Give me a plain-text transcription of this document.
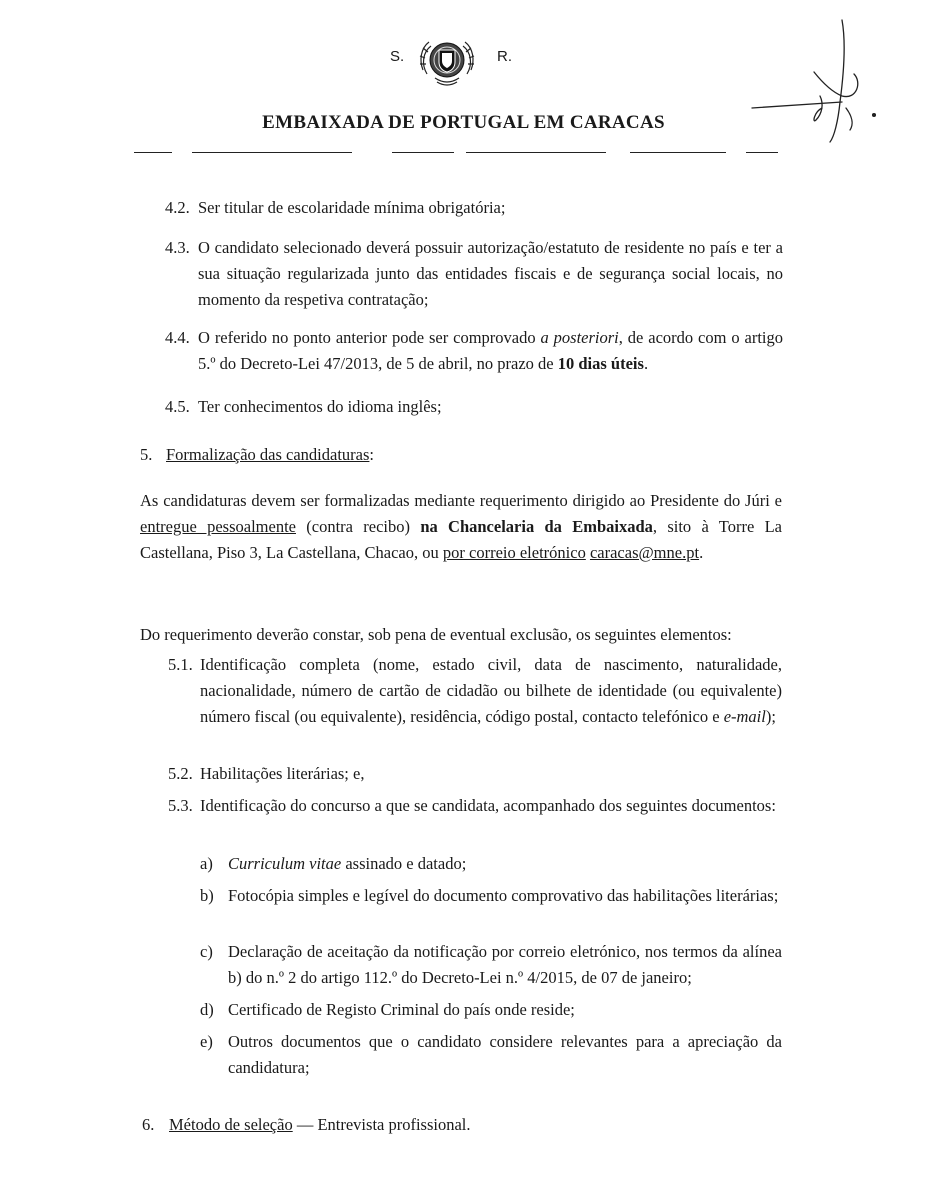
S.	R.
EMBAIXADA DE PORTUGAL EM CARACAS
4.2. Ser titular de escolaridade mínima obrigatória;
4.3. O candidato selecionado deverá possuir autorização/estatuto de residente no país e ter a sua situação regularizada junto das entidades fiscais e de segurança social locais, no momento da respetiva contratação;
4.4. O referido no ponto anterior pode ser comprovado a posteriori, de acordo com o artigo 5.º do Decreto-Lei 47/2013, de 5 de abril, no prazo de 10 dias úteis.
4.5. Ter conhecimentos do idioma inglês;
5. Formalização das candidaturas:
As candidaturas devem ser formalizadas mediante requerimento dirigido ao Presidente do Júri e entregue pessoalmente (contra recibo) na Chancelaria da Embaixada, sito à Torre La Castellana, Piso 3, La Castellana, Chacao, ou por correio eletrónico caracas@mne.pt.
Do requerimento deverão constar, sob pena de eventual exclusão, os seguintes elementos:
5.1. Identificação completa (nome, estado civil, data de nascimento, naturalidade, nacionalidade, número de cartão de cidadão ou bilhete de identidade (ou equivalente) número fiscal (ou equivalente), residência, código postal, contacto telefónico e e-mail);
5.2. Habilitações literárias; e,
5.3. Identificação do concurso a que se candidata, acompanhado dos seguintes documentos:
a) Curriculum vitae assinado e datado;
b) Fotocópia simples e legível do documento comprovativo das habilitações literárias;
c) Declaração de aceitação da notificação por correio eletrónico, nos termos da alínea b) do n.º 2 do artigo 112.º do Decreto-Lei n.º 4/2015, de 07 de janeiro;
d) Certificado de Registo Criminal do país onde reside;
e) Outros documentos que o candidato considere relevantes para a apreciação da candidatura;
6. Método de seleção — Entrevista profissional.
